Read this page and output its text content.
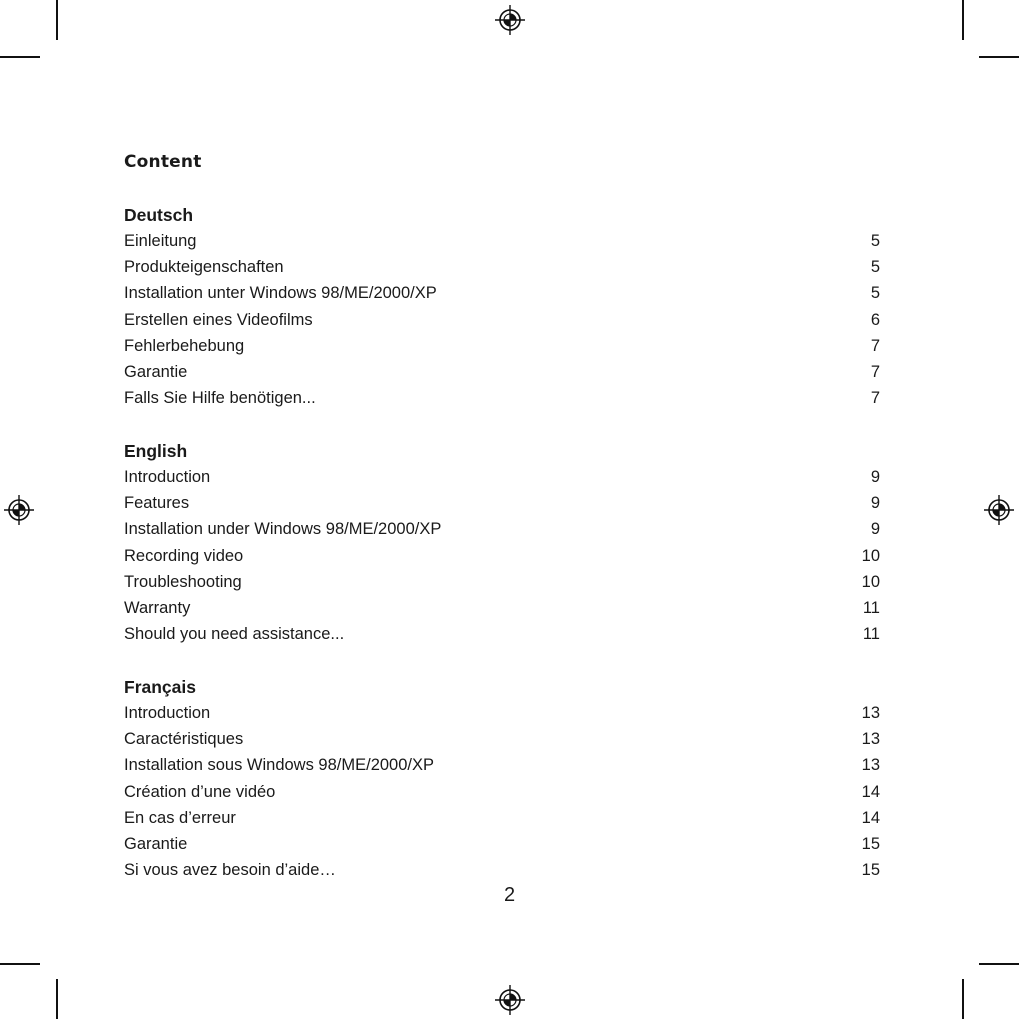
Content
Deutsch
Einleitung	5
Produkteigenschaften	5
Installation unter Windows 98/ME/2000/XP	5
Erstellen eines Videofilms	6
Fehlerbehebung	7
Garantie	7
Falls Sie Hilfe benötigen...	7
English
Introduction	9
Features	9
Installation under Windows 98/ME/2000/XP	9
Recording video	10
Troubleshooting	10
Warranty	11
Should you need assistance...	11
Français
Introduction	13
Caractéristiques	13
Installation sous Windows 98/ME/2000/XP	13
Création d’une vidéo	14
En cas d’erreur	14
Garantie	15
Si vous avez besoin d’aide…	15
2
